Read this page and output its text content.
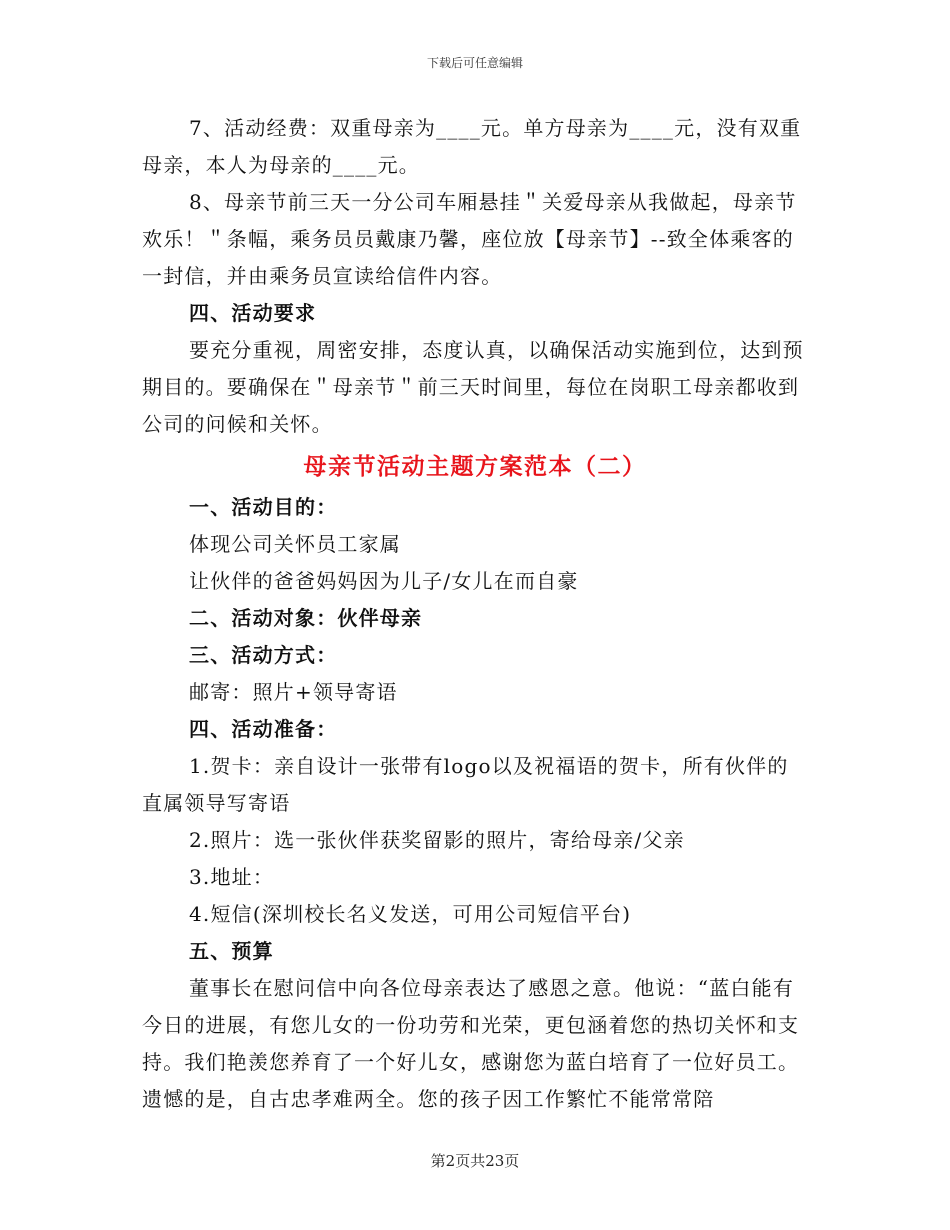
下载后可任意编辑

7、活动经费：双重母亲为____元。单方母亲为____元，没有双重母亲，本人为母亲的____元。

8、母亲节前三天一分公司车厢悬挂＂关爱母亲从我做起，母亲节欢乐！＂条幅，乘务员员戴康乃馨，座位放【母亲节】--致全体乘客的一封信，并由乘务员宣读给信件内容。

四、活动要求

要充分重视，周密安排，态度认真，以确保活动实施到位，达到预期目的。要确保在＂母亲节＂前三天时间里，每位在岗职工母亲都收到公司的问候和关怀。

母亲节活动主题方案范本（二）

一、活动目的：

体现公司关怀员工家属

让伙伴的爸爸妈妈因为儿子/女儿在而自豪

二、活动对象：伙伴母亲

三、活动方式：

邮寄：照片+领导寄语

四、活动准备：

1.贺卡：亲自设计一张带有logo以及祝福语的贺卡，所有伙伴的直属领导写寄语

2.照片：选一张伙伴获奖留影的照片，寄给母亲/父亲

3.地址：

4.短信(深圳校长名义发送，可用公司短信平台)

五、预算

董事长在慰问信中向各位母亲表达了感恩之意。他说：“蓝白能有今日的进展，有您儿女的一份功劳和光荣，更包涵着您的热切关怀和支持。我们艳羡您养育了一个好儿女，感谢您为蓝白培育了一位好员工。遗憾的是，自古忠孝难两全。您的孩子因工作繁忙不能常常陪

第2页共23页
